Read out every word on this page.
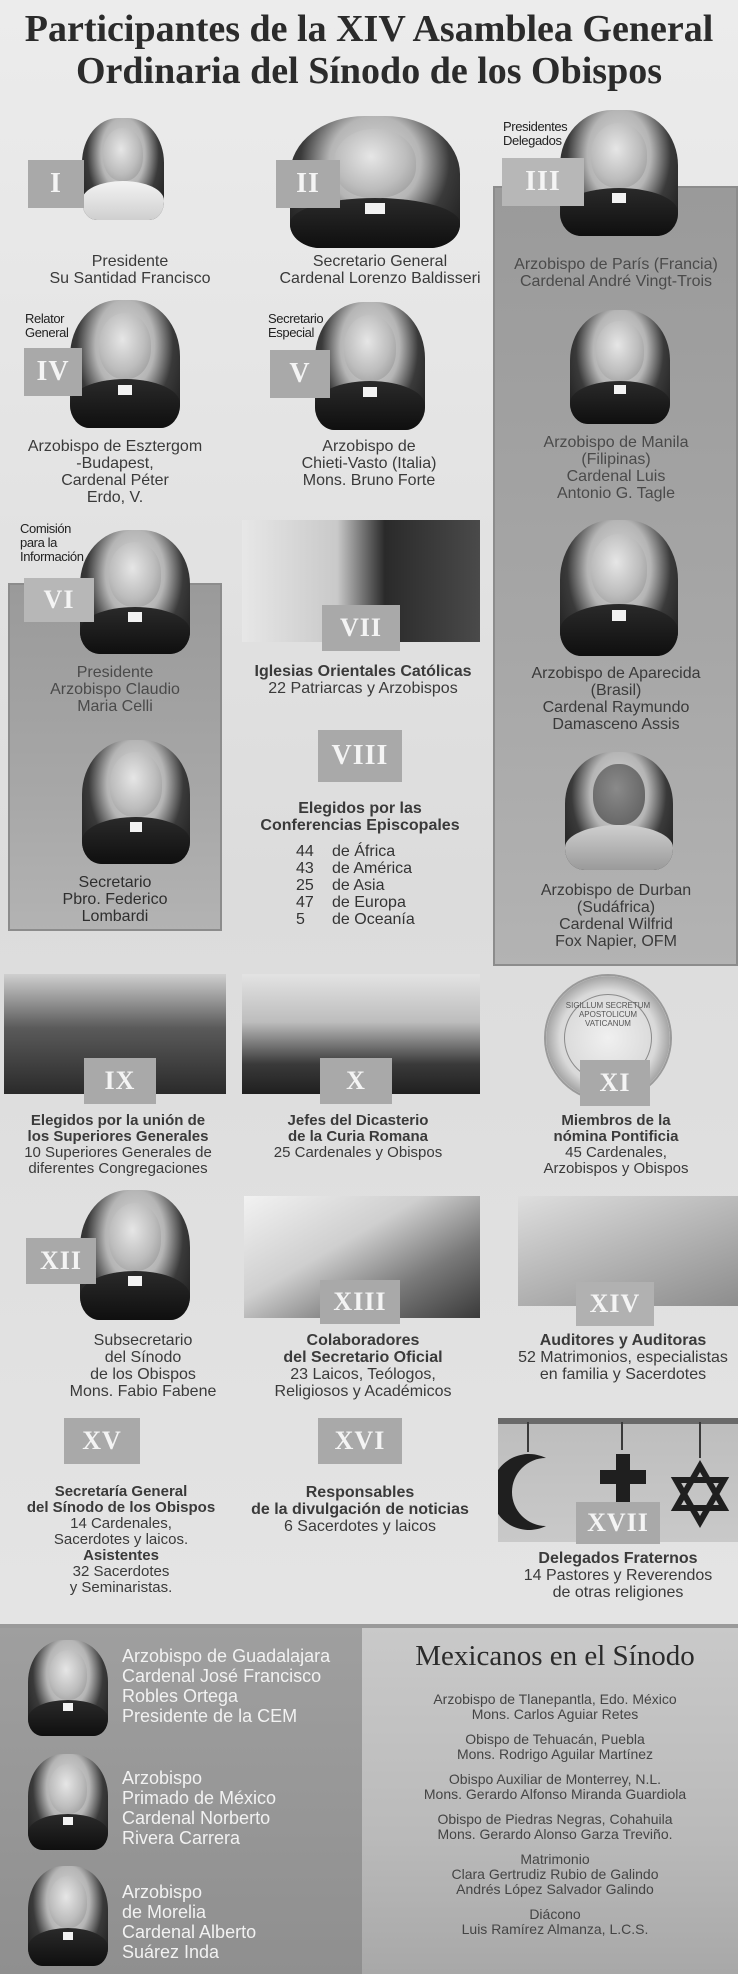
Participantes de la XIV Asamblea General
Ordinaria del Sínodo de los Obispos
I
Presidente
Su Santidad Francisco
II
Secretario General
Cardenal Lorenzo Baldisseri
Presidentes
Delegados
III
Arzobispo de París (Francia)
Cardenal André Vingt-Trois
Arzobispo de Manila
(Filipinas)
Cardenal Luis
Antonio G. Tagle
Arzobispo de Aparecida
(Brasil)
Cardenal Raymundo
Damasceno Assis
Arzobispo de Durban
(Sudáfrica)
Cardenal Wilfrid
Fox Napier, OFM
Relator
General
IV
Arzobispo de Esztergom
-Budapest,
Cardenal Péter
Erdo, V.
Secretario
Especial
V
Arzobispo de
Chieti-Vasto (Italia)
Mons. Bruno Forte
Comisión
para la
Información
VI
Presidente
Arzobispo Claudio
Maria Celli
Secretario
Pbro. Federico
Lombardi
VII
Iglesias Orientales Católicas
22 Patriarcas y Arzobispos
VIII
Elegidos por las
Conferencias Episcopales
44 de África
43 de América
25 de Asia
47 de Europa
5 de Oceanía
IX
Elegidos por la unión de
los Superiores Generales
10 Superiores Generales de
diferentes Congregaciones
X
Jefes del Dicasterio
de la Curia Romana
25 Cardenales y Obispos
SIGILLUM SECRETUM APOSTOLICUM VATICANUM
XI
Miembros de la
nómina Pontificia
45 Cardenales,
Arzobispos y Obispos
XII
Subsecretario
del Sínodo
de los Obispos
Mons. Fabio Fabene
XIII
Colaboradores
del Secretario Oficial
23 Laicos, Teólogos,
Religiosos y Académicos
XIV
Auditores y Auditoras
52 Matrimonios, especialistas
en familia y Sacerdotes
XV
Secretaría General
del Sínodo de los Obispos
14 Cardenales,
Sacerdotes y laicos.
Asistentes
32 Sacerdotes
y Seminaristas.
XVI
Responsables
de la divulgación de noticias
6 Sacerdotes y laicos	XVII
Delegados Fraternos
14 Pastores y Reverendos
de otras religiones
Arzobispo de Guadalajara
Cardenal José Francisco
Robles Ortega
Presidente de la CEM
Arzobispo
Primado de México
Cardenal Norberto
Rivera Carrera
Arzobispo
de Morelia
Cardenal Alberto
Suárez Inda
Mexicanos en el Sínodo
Arzobispo de Tlanepantla, Edo. México
Mons. Carlos Aguiar Retes
Obispo de Tehuacán, Puebla
Mons. Rodrigo Aguilar Martínez
Obispo Auxiliar de Monterrey, N.L.
Mons. Gerardo Alfonso Miranda Guardiola
Obispo de Piedras Negras, Cohahuila
Mons. Gerardo Alonso Garza Treviño.
Matrimonio
Clara Gertrudiz Rubio de Galindo
Andrés López Salvador Galindo
Diácono
Luis Ramírez Almanza, L.C.S.
